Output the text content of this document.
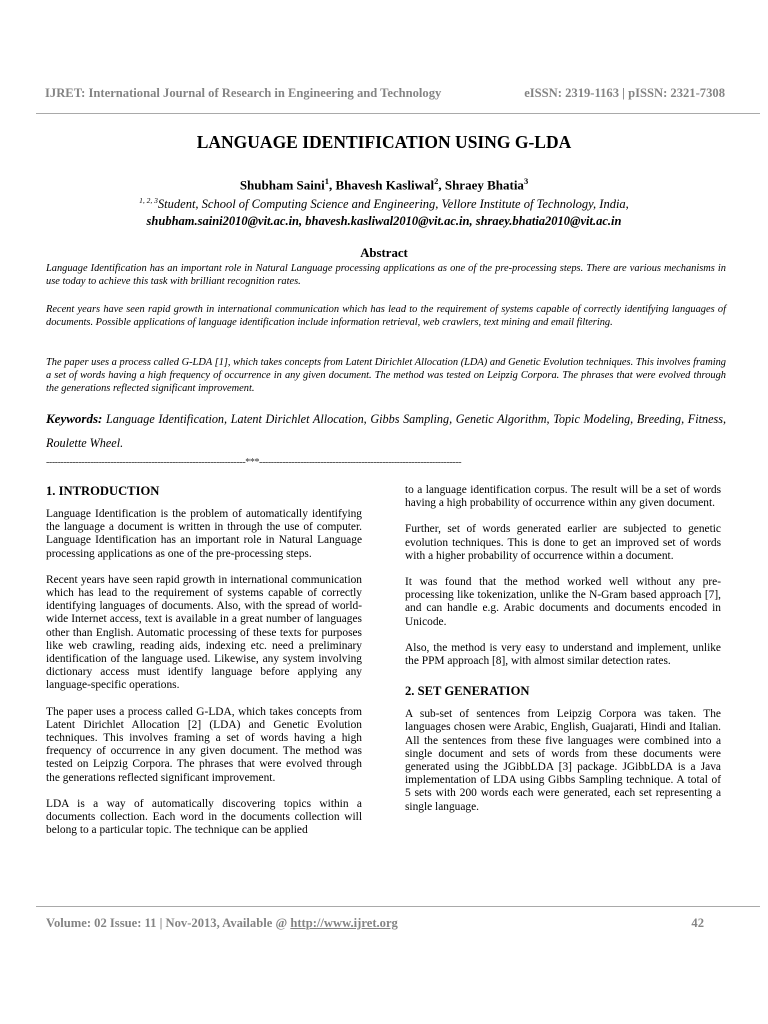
IJRET: International Journal of Research in Engineering and Technology	eISSN: 2319-1163 | pISSN: 2321-7308
LANGUAGE IDENTIFICATION USING G-LDA
Shubham Saini$^1$, Bhavesh Kasliwal$^2$, Shraey Bhatia$^3$
$^{1, 2, 3}$Student, School of Computing Science and Engineering, Vellore Institute of Technology, India,
shubham.saini2010@vit.ac.in, bhavesh.kasliwal2010@vit.ac.in, shraey.bhatia2010@vit.ac.in
Abstract

Language Identification has an important role in Natural Language processing applications as one of the pre-processing steps. There are various mechanisms in use today to achieve this task with brilliant recognition rates.

Recent years have seen rapid growth in international communication which has lead to the requirement of systems capable of correctly identifying languages of documents. Possible applications of language identification include information retrieval, web crawlers, text mining and email filtering.

The paper uses a process called G-LDA [1], which takes concepts from Latent Dirichlet Allocation (LDA) and Genetic Evolution techniques. This involves framing a set of words having a high frequency of occurrence in any given document. The method was tested on Leipzig Corpora. The phrases that were evolved through the generations reflected significant improvement.

Keywords: Language Identification, Latent Dirichlet Allocation, Gibbs Sampling, Genetic Algorithm, Topic Modeling, Breeding, Fitness, Roulette Wheel.

--------------------------------------------------------------------***---------------------------------------------------------------------
1. INTRODUCTION

Language Identification is the problem of automatically identifying the language a document is written in through the use of computer. Language Identification has an important role in Natural Language processing applications as one of the pre-processing steps.

Recent years have seen rapid growth in international communication which has lead to the requirement of systems capable of correctly identifying languages of documents. Also, with the spread of world-wide Internet access, text is available in a great number of languages other than English. Automatic processing of these texts for purposes like web crawling, reading aids, indexing etc. need a preliminary identification of the language used. Likewise, any system involving dictionary access must identify language before applying any language-specific operations.

The paper uses a process called G-LDA, which takes concepts from Latent Dirichlet Allocation [2] (LDA) and Genetic Evolution techniques. This involves framing a set of words having a high frequency of occurrence in any given document. The method was tested on Leipzig Corpora. The phrases that were evolved through the generations reflected significant improvement.

LDA is a way of automatically discovering topics within a documents collection. Each word in the documents collection will belong to a particular topic. The technique can be applied

to a language identification corpus. The result will be a set of words having a high probability of occurrence within any given document.

Further, set of words generated earlier are subjected to genetic evolution techniques. This is done to get an improved set of words with a higher probability of occurrence within a document.

It was found that the method worked well without any pre-processing like tokenization, unlike the N-Gram based approach [7], and can handle e.g. Arabic documents and documents encoded in Unicode.

Also, the method is very easy to understand and implement, unlike the PPM approach [8], with almost similar detection rates.

2. SET GENERATION

A sub-set of sentences from Leipzig Corpora was taken. The languages chosen were Arabic, English, Guajarati, Hindi and Italian. All the sentences from these five languages were combined into a single document and sets of words from these documents were generated using the JGibbLDA [3] package. JGibbLDA is a Java implementation of LDA using Gibbs Sampling technique. A total of 5 sets with 200 words each were generated, each set representing a single language.

Volume: 02 Issue: 11 | Nov-2013, Available @ http://www.ijret.org	42
